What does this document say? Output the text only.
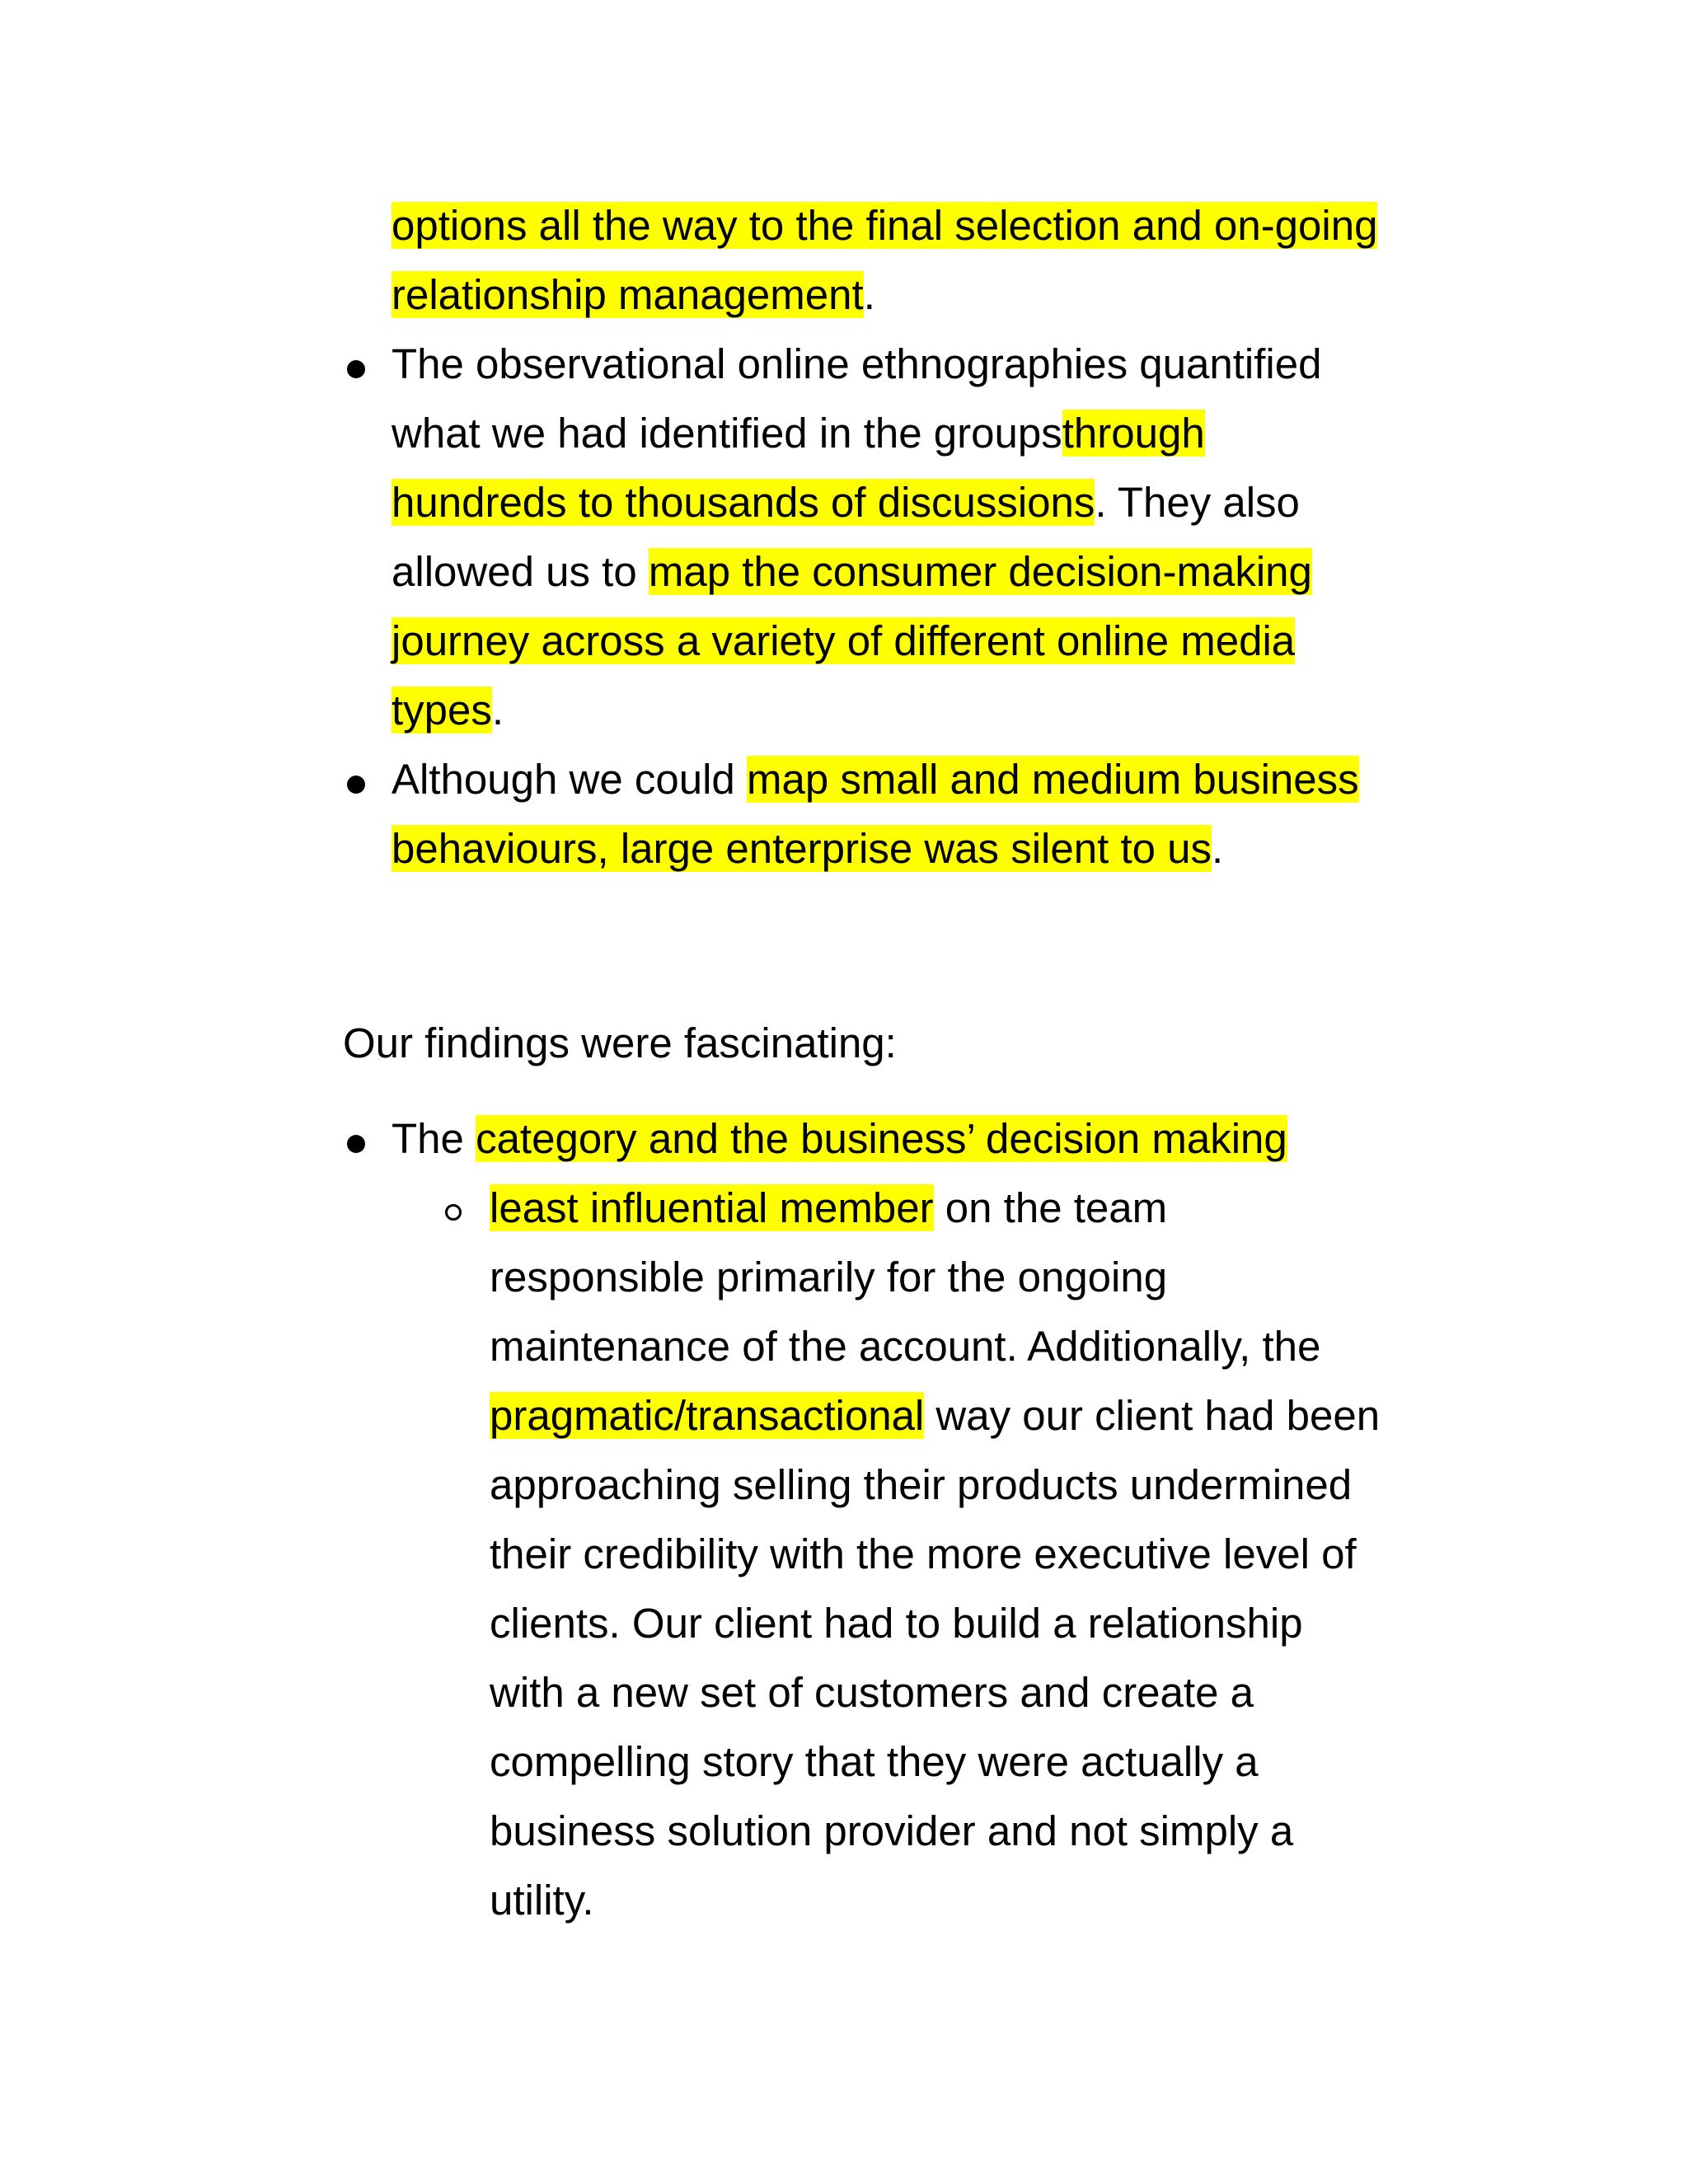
options all the way to the final selection and on-going
relationship management.
The observational online ethnographies quantified
what we had identified in the groupsthrough
hundreds to thousands of discussions. They also
allowed us to map the consumer decision-making
journey across a variety of different online media
types.
Although we could map small and medium business
behaviours, large enterprise was silent to us.
Our findings were fascinating:
The category and the business’ decision making
least influential member on the team
responsible primarily for the ongoing
maintenance of the account. Additionally, the
pragmatic/transactional way our client had been
approaching selling their products undermined
their credibility with the more executive level of
clients. Our client had to build a relationship
with a new set of customers and create a
compelling story that they were actually a
business solution provider and not simply a
utility.
